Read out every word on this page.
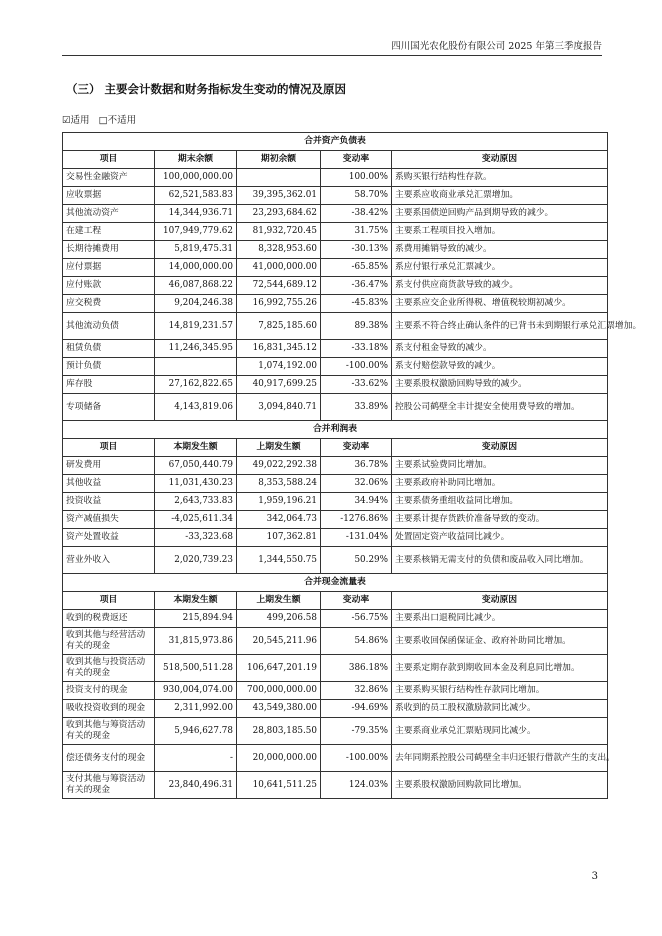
四川国光农化股份有限公司 2025 年第三季度报告
（三） 主要会计数据和财务指标发生变动的情况及原因
☑适用 □不适用
合并资产负债表				
项目	期末余额	期初余额	变动率	变动原因
交易性金融资产	100,000,000.00		100.00%	系购买银行结构性存款。
应收票据	62,521,583.83	39,395,362.01	58.70%	主要系应收商业承兑汇票增加。
其他流动资产	14,344,936.71	23,293,684.62	-38.42%	主要系国债逆回购产品到期导致的减少。
在建工程	107,949,779.62	81,932,720.45	31.75%	主要系工程项目投入增加。
长期待摊费用	5,819,475.31	8,328,953.60	-30.13%	系费用摊销导致的减少。
应付票据	14,000,000.00	41,000,000.00	-65.85%	系应付银行承兑汇票减少。
应付账款	46,087,868.22	72,544,689.12	-36.47%	系支付供应商货款导致的减少。
应交税费	9,204,246.38	16,992,755.26	-45.83%	主要系应交企业所得税、增值税较期初减少。
其他流动负债	14,819,231.57	7,825,185.60	89.38%	主要系不符合终止确认条件的已背书未到期银行承兑汇票增加。
租赁负债	11,246,345.95	16,831,345.12	-33.18%	系支付租金导致的减少。
预计负债		1,074,192.00	-100.00%	系支付赔偿款导致的减少。
库存股	27,162,822.65	40,917,699.25	-33.62%	主要系股权激励回购导致的减少。
专项储备	4,143,819.06	3,094,840.71	33.89%	控股公司鹤壁全丰计提安全使用费导致的增加。
合并利润表				
项目	本期发生额	上期发生额	变动率	变动原因
研发费用	67,050,440.79	49,022,292.38	36.78%	主要系试验费同比增加。
其他收益	11,031,430.23	8,353,588.24	32.06%	主要系政府补助同比增加。
投资收益	2,643,733.83	1,959,196.21	34.94%	主要系债务重组收益同比增加。
资产减值损失	-4,025,611.34	342,064.73	-1276.86%	主要系计提存货跌价准备导致的变动。
资产处置收益	-33,323.68	107,362.81	-131.04%	处置固定资产收益同比减少。
营业外收入	2,020,739.23	1,344,550.75	50.29%	主要系核销无需支付的负债和废品收入同比增加。
合并现金流量表				
项目	本期发生额	上期发生额	变动率	变动原因
收到的税费返还	215,894.94	499,206.58	-56.75%	主要系出口退税同比减少。
收到其他与经营活动有关的现金	31,815,973.86	20,545,211.96	54.86%	主要系收回保函保证金、政府补助同比增加。
收到其他与投资活动有关的现金	518,500,511.28	106,647,201.19	386.18%	主要系定期存款到期收回本金及利息同比增加。
投资支付的现金	930,004,074.00	700,000,000.00	32.86%	主要系购买银行结构性存款同比增加。
吸收投资收到的现金	2,311,992.00	43,549,380.00	-94.69%	系收到的员工股权激励款同比减少。
收到其他与筹资活动有关的现金	5,946,627.78	28,803,185.50	-79.35%	主要系商业承兑汇票贴现同比减少。
偿还债务支付的现金	-	20,000,000.00	-100.00%	去年同期系控股公司鹤壁全丰归还银行借款产生的支出。
支付其他与筹资活动有关的现金	23,840,496.31	10,641,511.25	124.03%	主要系股权激励回购款同比增加。
3
